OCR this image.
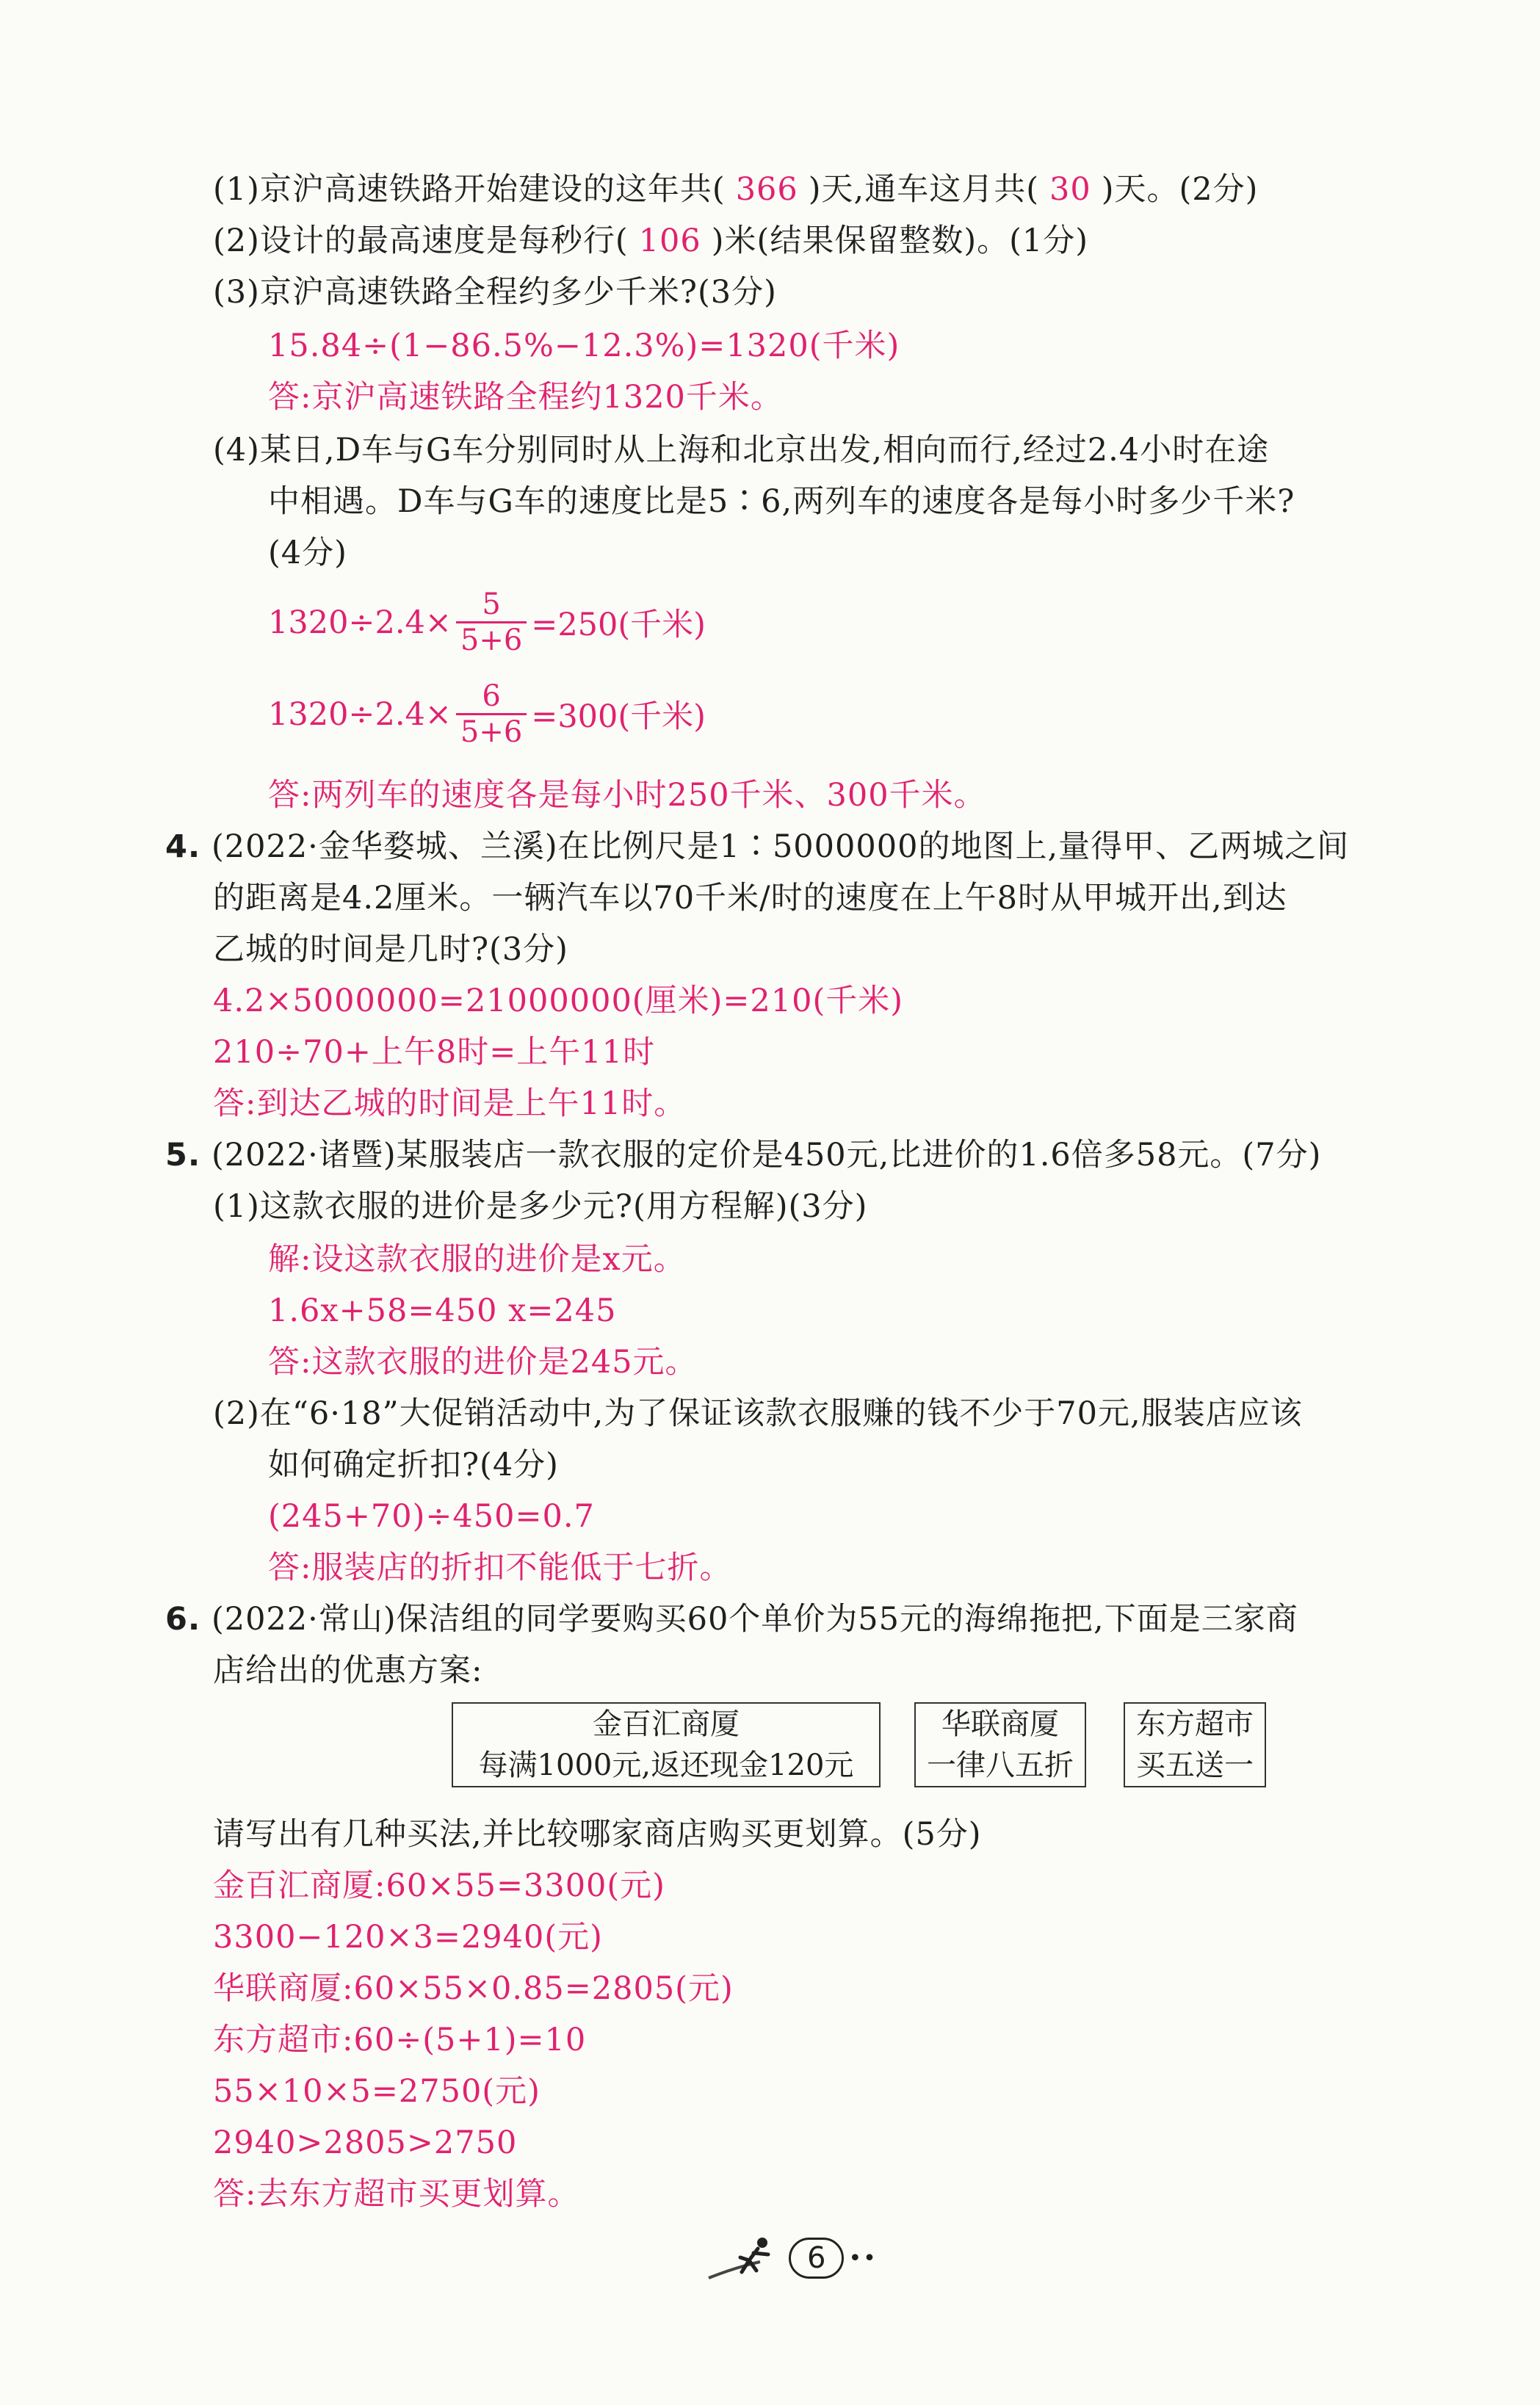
(1)京沪高速铁路开始建设的这年共( 366 )天,通车这月共( 30 )天。(2分)
(2)设计的最高速度是每秒行( 106 )米(结果保留整数)。(1分)
(3)京沪高速铁路全程约多少千米?(3分)
15.84÷(1−86.5%−12.3%)=1320(千米)
答:京沪高速铁路全程约1320千米。
(4)某日,D车与G车分别同时从上海和北京出发,相向而行,经过2.4小时在途
中相遇。D车与G车的速度比是5∶6,两列车的速度各是每小时多少千米?
(4分)
$1320\div 2.4\times \frac{5}{5+6} =250$(千米)
$1320\div 2.4\times \frac{6}{5+6} =300$(千米)
答:两列车的速度各是每小时250千米、300千米。
4. (2022·金华婺城、兰溪)在比例尺是1∶5000000的地图上,量得甲、乙两城之间
的距离是4.2厘米。一辆汽车以70千米/时的速度在上午8时从甲城开出,到达
乙城的时间是几时?(3分)
4.2×5000000=21000000(厘米)=210(千米)
210÷70+上午8时=上午11时
答:到达乙城的时间是上午11时。
5. (2022·诸暨)某服装店一款衣服的定价是450元,比进价的1.6倍多58元。(7分)
(1)这款衣服的进价是多少元?(用方程解)(3分)
解:设这款衣服的进价是x元。
1.6x+58=450 x=245
答:这款衣服的进价是245元。
(2)在“6·18”大促销活动中,为了保证该款衣服赚的钱不少于70元,服装店应该
如何确定折扣?(4分)
(245+70)÷450=0.7
答:服装店的折扣不能低于七折。
6. (2022·常山)保洁组的同学要购买60个单价为55元的海绵拖把,下面是三家商
店给出的优惠方案:
金百汇商厦
每满1000元,返还现金120元
华联商厦
一律八五折
东方超市
买五送一
请写出有几种买法,并比较哪家商店购买更划算。(5分)
金百汇商厦:60×55=3300(元)
3300−120×3=2940(元)
华联商厦:60×55×0.85=2805(元)
东方超市:60÷(5+1)=10
55×10×5=2750(元)
2940>2805>2750
答:去东方超市买更划算。
6	••
